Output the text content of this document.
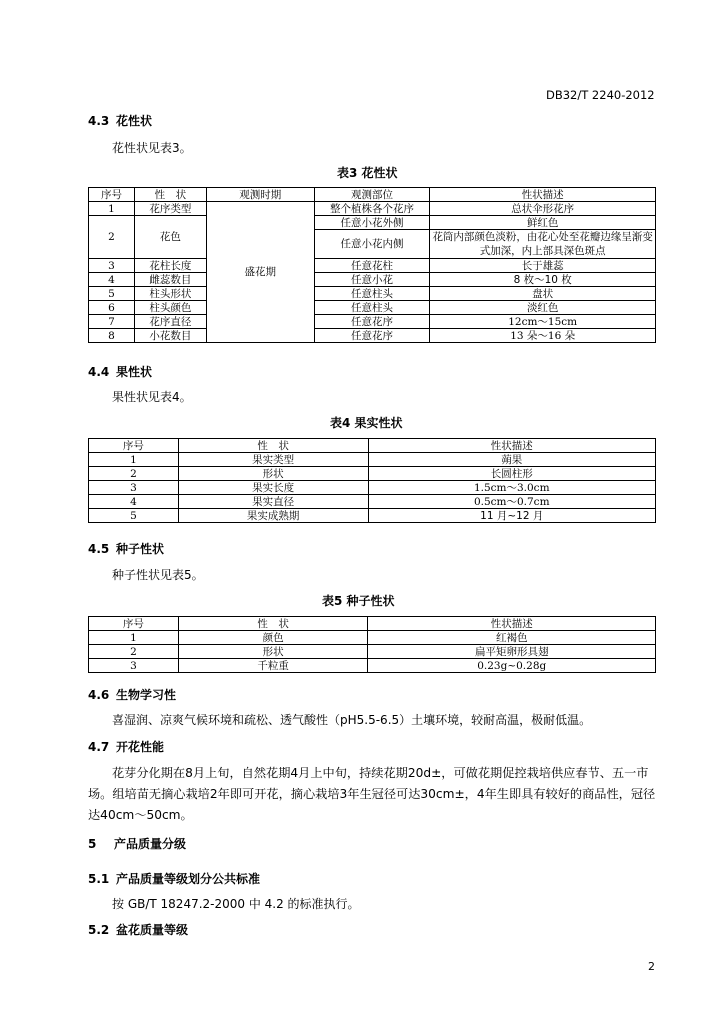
DB32/T 2240-2012
4.3 花性状
花性状见表3。
表3 花性状
序号	性　状	观测时期	观测部位	性状描述
1	花序类型	盛花期	整个植株各个花序	总状伞形花序
2	花色		任意小花外侧	鲜红色
			任意小花内侧	花筒内部颜色淡粉，由花心处至花瓣边缘呈渐变式加深，内上部具深色斑点
3	花柱长度		任意花柱	长于雄蕊
4	雌蕊数目		任意小花	8 枚～10 枚
5	柱头形状		任意柱头	盘状
6	柱头颜色		任意柱头	淡红色
7	花序直径		任意花序	12cm～15cm
8	小花数目		任意花序	13 朵～16 朵
4.4 果性状
果性状见表4。
表4 果实性状
序号	性　状	性状描述
1	果实类型	蒴果
2	形状	长圆柱形
3	果实长度	1.5cm～3.0cm
4	果实直径	0.5cm～0.7cm
5	果实成熟期	11 月~12 月
4.5 种子性状
种子性状见表5。
表5 种子性状
序号	性　状	性状描述
1	颜色	红褐色
2	形状	扁平矩卵形具翅
3	千粒重	0.23g~0.28g
4.6 生物学习性
喜湿润、凉爽气候环境和疏松、透气酸性（pH5.5-6.5）土壤环境，较耐高温，极耐低温。
4.7 开花性能
花芽分化期在8月上旬，自然花期4月上中旬，持续花期20d±，可做花期促控栽培供应春节、五一市
场。组培苗无摘心栽培2年即可开花，摘心栽培3年生冠径可达30cm±，4年生即具有较好的商品性，冠径
达40cm～50cm。
5 产品质量分级
5.1 产品质量等级划分公共标准
按 GB/T 18247.2-2000 中 4.2 的标准执行。
5.2 盆花质量等级
2
